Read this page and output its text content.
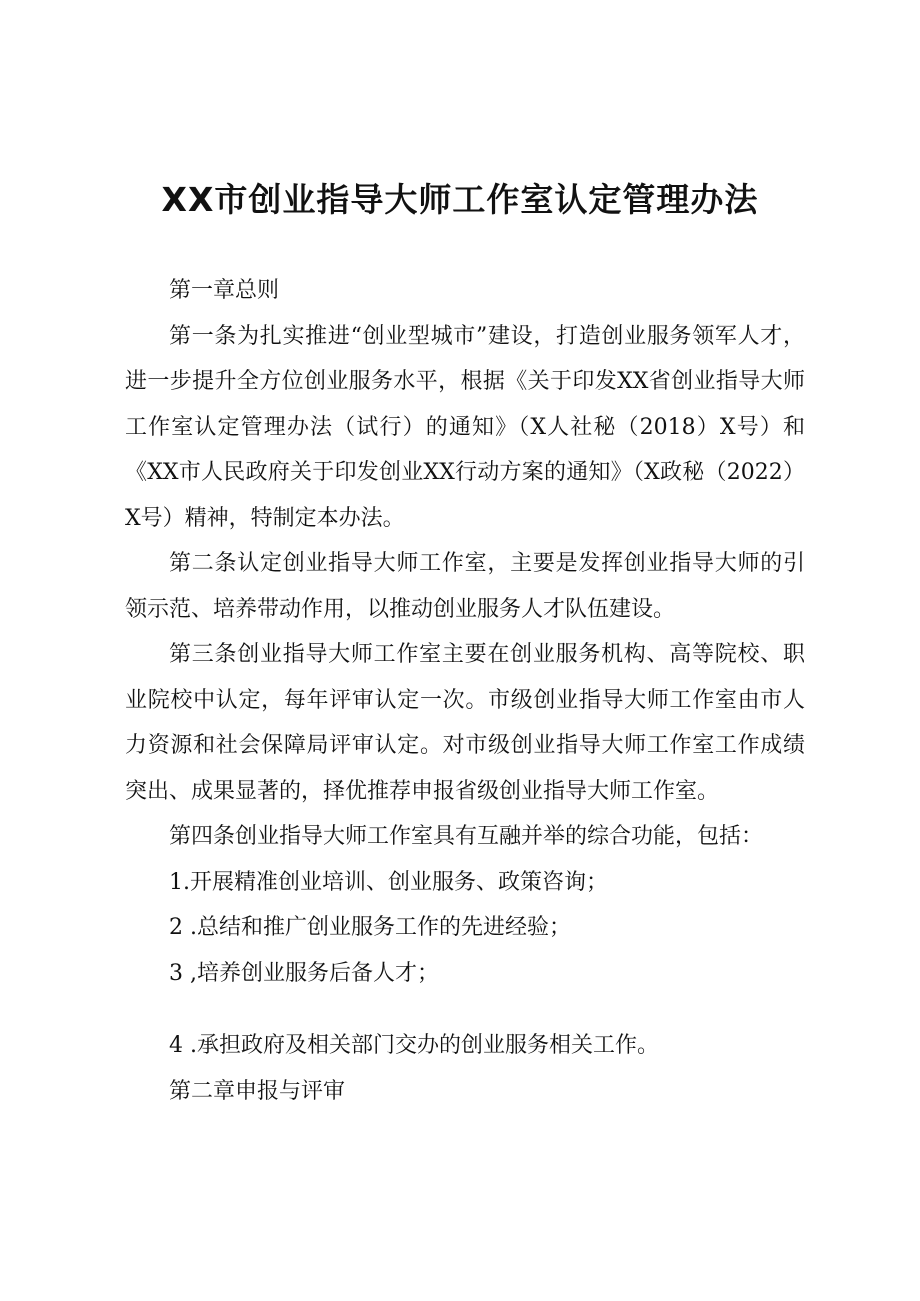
XX市创业指导大师工作室认定管理办法

第一章总则

第一条为扎实推进“创业型城市”建设，打造创业服务领军人才，进一步提升全方位创业服务水平，根据《关于印发XX省创业指导大师工作室认定管理办法（试行）的通知》（X人社秘（2018）X号）和《XX市人民政府关于印发创业XX行动方案的通知》（X政秘（2022）X号）精神，特制定本办法。

第二条认定创业指导大师工作室，主要是发挥创业指导大师的引领示范、培养带动作用，以推动创业服务人才队伍建设。

第三条创业指导大师工作室主要在创业服务机构、高等院校、职业院校中认定，每年评审认定一次。市级创业指导大师工作室由市人力资源和社会保障局评审认定。对市级创业指导大师工作室工作成绩突出、成果显著的，择优推荐申报省级创业指导大师工作室。

第四条创业指导大师工作室具有互融并举的综合功能，包括：

1.开展精准创业培训、创业服务、政策咨询；

2 .总结和推广创业服务工作的先进经验；

3 ,培养创业服务后备人才；

4 .承担政府及相关部门交办的创业服务相关工作。

第二章申报与评审
